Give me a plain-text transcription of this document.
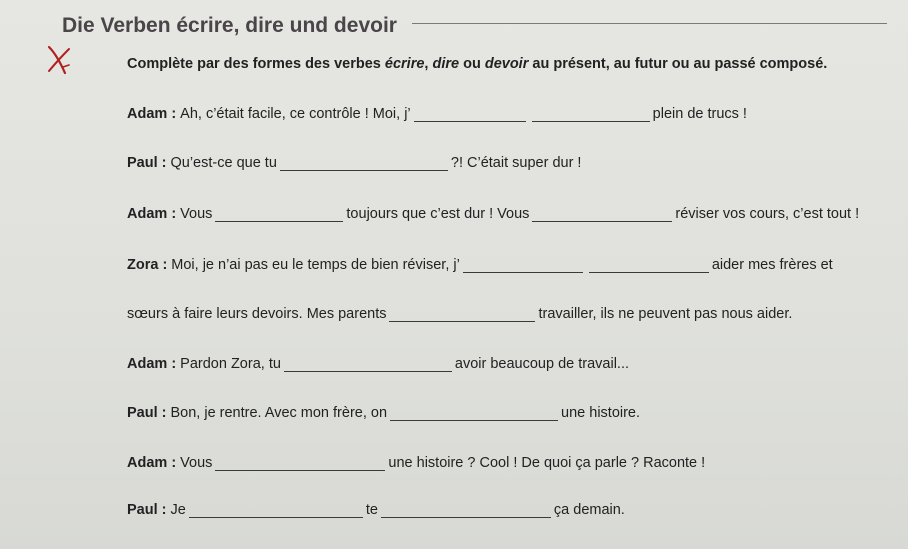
Die Verben écrire, dire und devoir
Complète par des formes des verbes écrire, dire ou devoir au présent, au futur ou au passé composé.
Adam : Ah, c’était facile, ce contrôle ! Moi, j’	plein de trucs !
Paul : Qu’est-ce que tu	?! C’était super dur !
Adam : Vous	toujours que c’est dur ! Vous	réviser vos cours, c’est tout !
Zora : Moi, je n’ai pas eu le temps de bien réviser, j’	aider mes frères et
sœurs à faire leurs devoirs. Mes parents	travailler, ils ne peuvent pas nous aider.
Adam : Pardon Zora, tu	avoir beaucoup de travail...
Paul : Bon, je rentre. Avec mon frère, on	une histoire.
Adam : Vous	une histoire ? Cool ! De quoi ça parle ? Raconte !
Paul : Je	te	ça demain.
